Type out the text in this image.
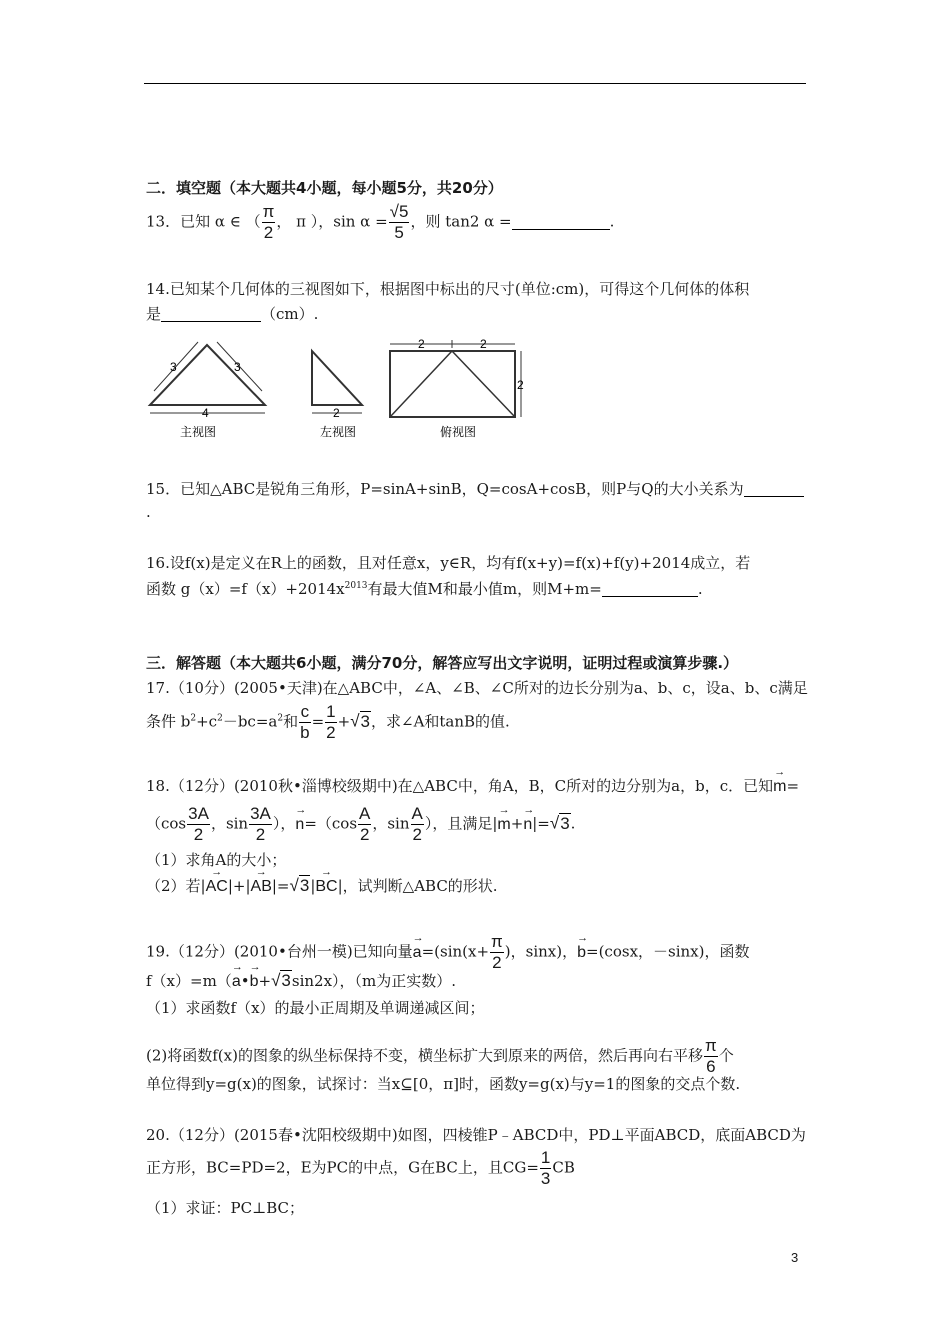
二．填空题（本大题共4小题，每小题5分，共20分）
13．已知 α ∈ （ $\frac{\pi}{2}$ ， π ），$\sin \alpha = \frac{√5}{5}$ ，则 tan2 α =	.
14.已知某个几何体的三视图如下，根据图中标出的尺寸(单位:cm)，可得这个几何体的体积
是	（cm）.
3	3
4
主视图
2
左视图
2	2
2
俯视图
15．已知△ABC是锐角三角形，P=sinA+sinB，Q=cosA+cosB，则P与Q的大小关系为
.
16.设f(x)是定义在R上的函数，且对任意x，y∈R，均有f(x+y)=f(x)+f(y)+2014成立，若
函数 $g(x)=f(x)+2014x^{2013}$有最大值M和最小值m，则M+m=	.
三．解答题（本大题共6小题，满分70分，解答应写出文字说明，证明过程或演算步骤.）
17.（10分）(2005•天津)在△ABC中，∠A、∠B、∠C所对的边长分别为a、b、c，设a、b、c满足
条件 $b^2+c^2-bc=a^2$和 $\frac{c}{b} = \frac{1}{2} +√3$，求∠A和tanB的值.
18.（12分）(2010秋•淄博校级期中)在△ABC中，角A，B，C所对的边分别为a，b，c．已知→ m=
（$\cos \frac{3A}{2}$ ，$\sin \frac{3A}{2}$ ），→ $n=(\cos \frac{A}{2}$ ，$\sin \frac{A}{2}$ ），且满足|→ m+→ n|=√3.
（1）求角A的大小；
（2）若|→ AC|+|→ AB|=√3|→ BC|，试判断△ABC的形状.
19.（12分）(2010•台州一模)已知向量→ $a=(\sin(x+ \frac{\pi}{2}$ )，sinx)，→ b=(cosx，－sinx)，函数
f（x）=m（→ a•→ b+√3sin2x），（m为正实数）.
（1）求函数f（x）的最小正周期及单调递减区间；
(2)将函数f(x)的图象的纵坐标保持不变，横坐标扩大到原来的两倍，然后再向右平移 $\frac{\pi}{6}$ 个
单位得到y=g(x)的图象，试探讨：当x⊆[0，π]时，函数y=g(x)与y=1的图象的交点个数.
20.（12分）(2015春•沈阳校级期中)如图，四棱锥P﹣ABCD中，PD⊥平面ABCD，底面ABCD为
正方形，BC=PD=2，E为PC的中点，G在BC上，且$CG= \frac{1}{3}$ CB
（1）求证：PC⊥BC；
3
